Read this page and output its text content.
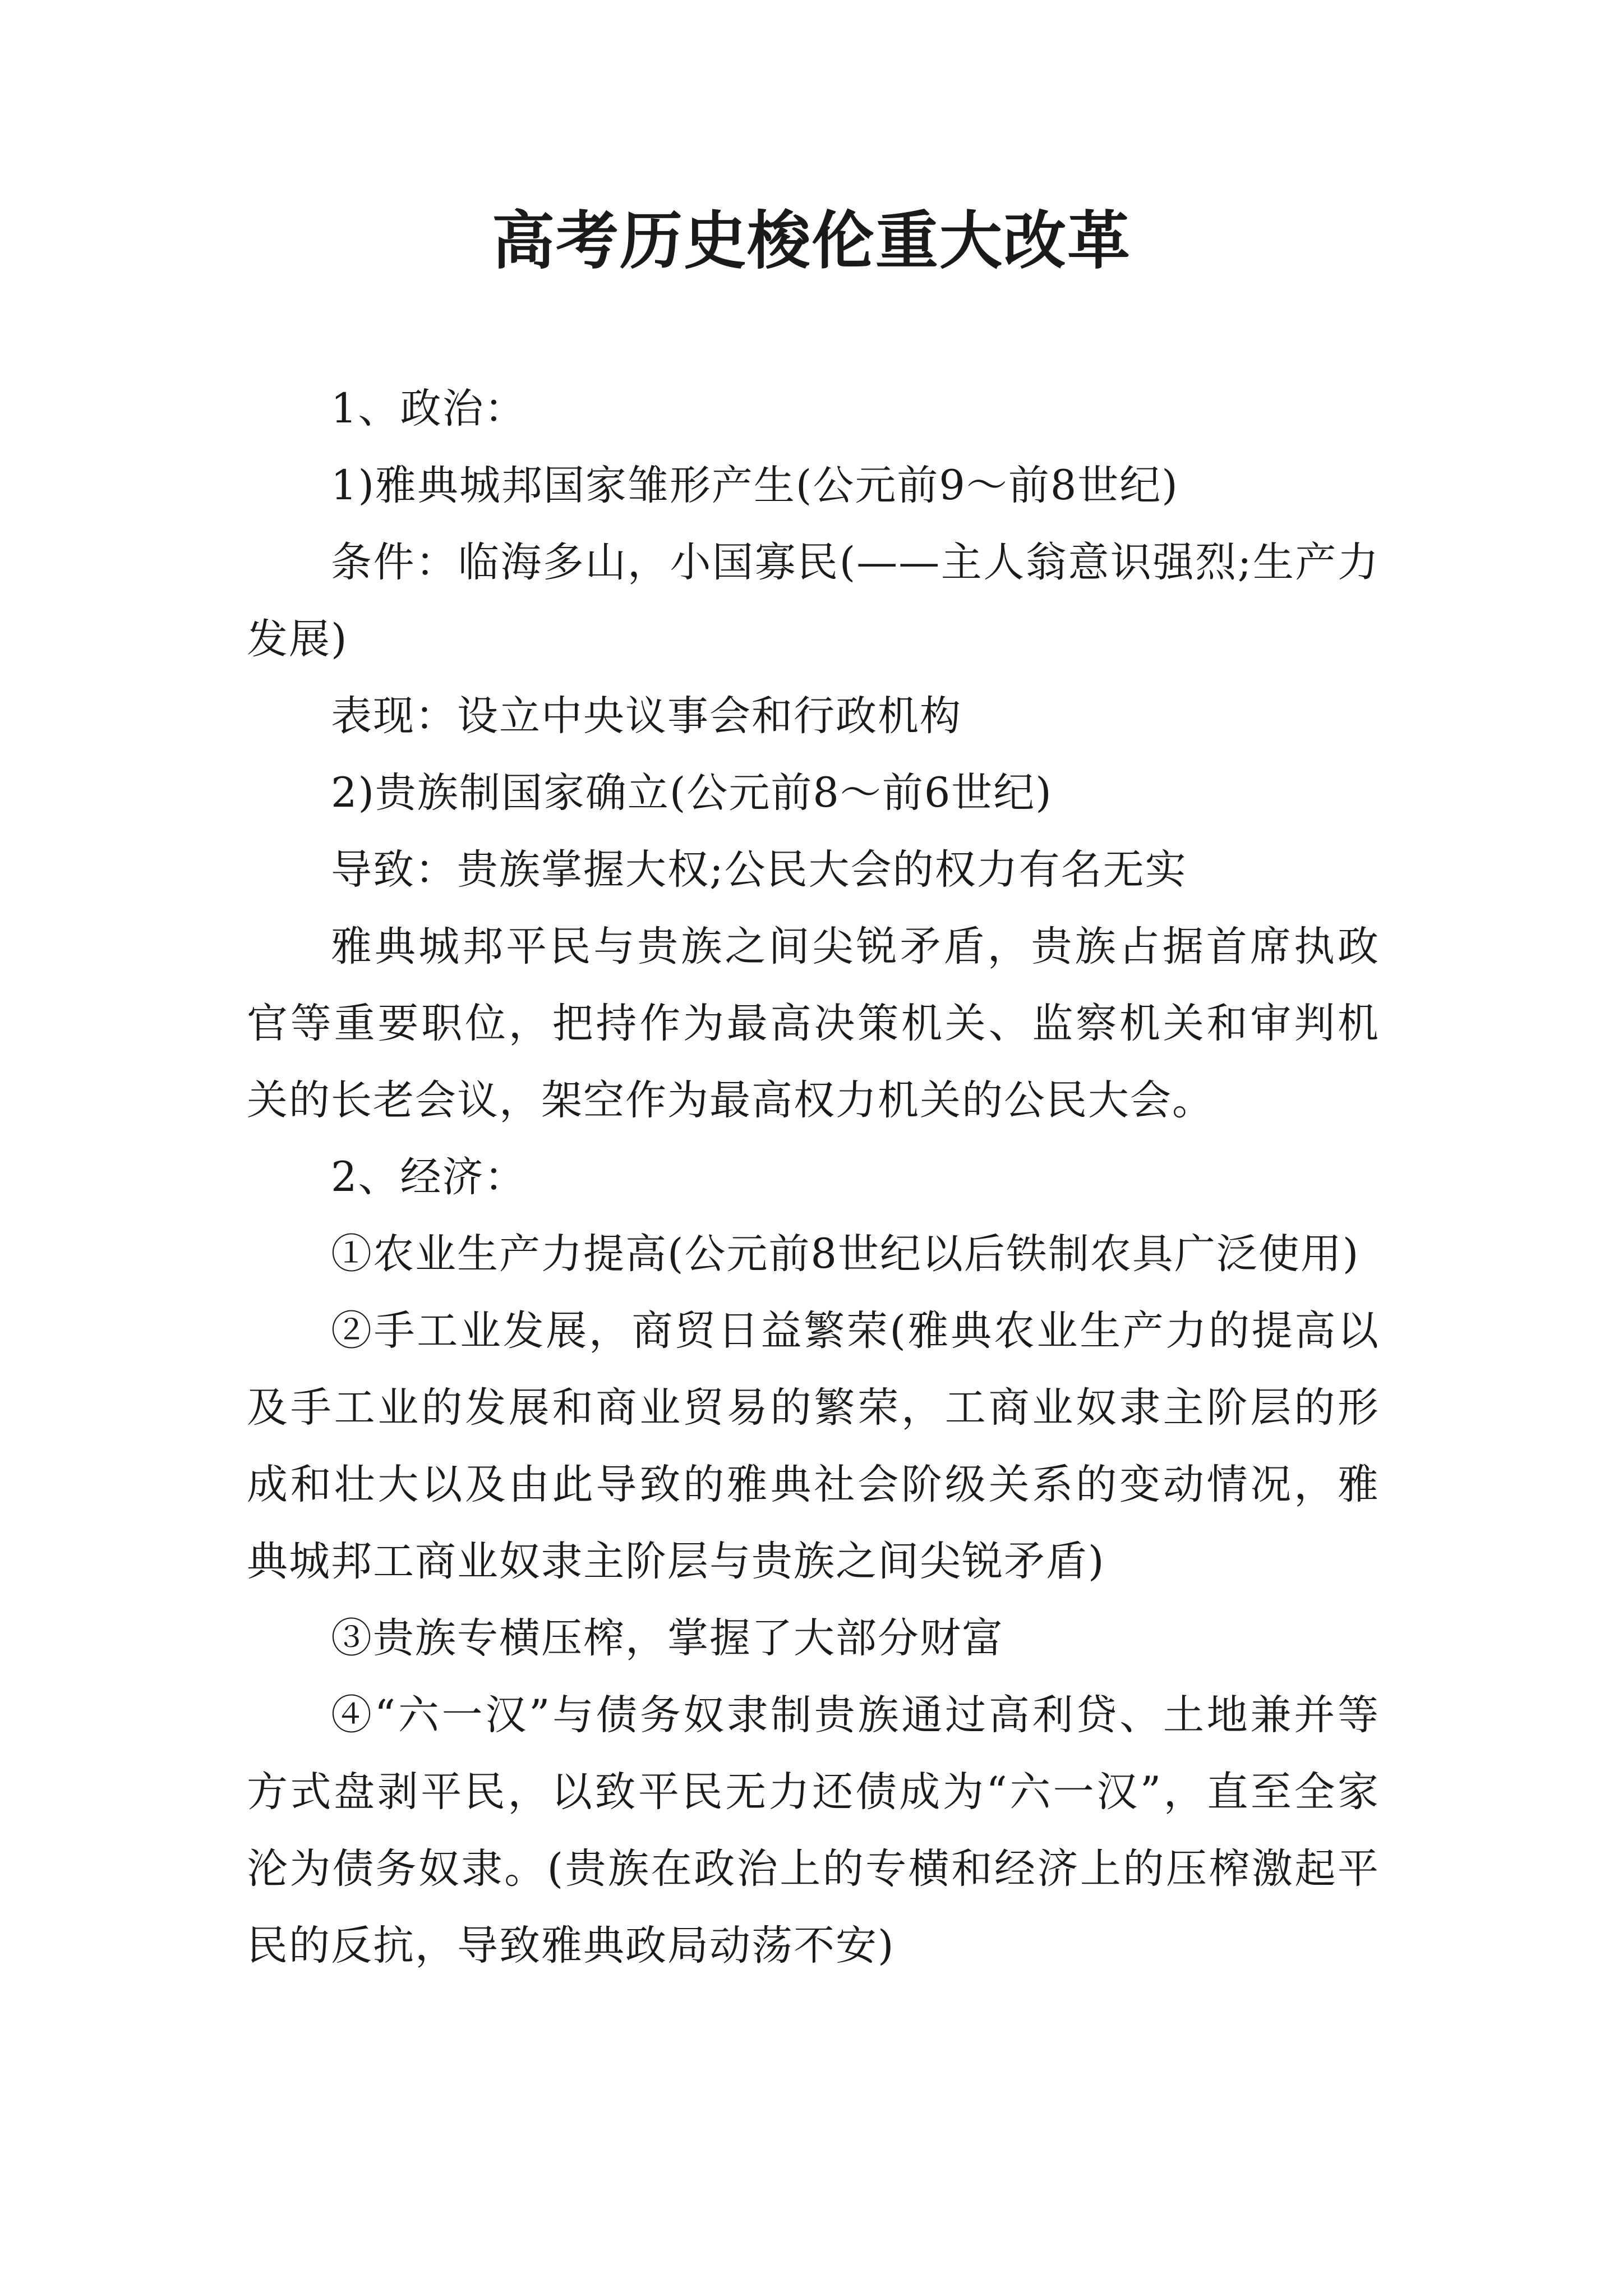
高考历史梭伦重大改革

1、政治：

1)雅典城邦国家雏形产生(公元前9～前8世纪)

条件：临海多山，小国寡民(——主人翁意识强烈;生产力发展)

表现：设立中央议事会和行政机构

2)贵族制国家确立(公元前8～前6世纪)

导致：贵族掌握大权;公民大会的权力有名无实

雅典城邦平民与贵族之间尖锐矛盾，贵族占据首席执政官等重要职位，把持作为最高决策机关、监察机关和审判机关的长老会议，架空作为最高权力机关的公民大会。

2、经济：

①农业生产力提高(公元前8世纪以后铁制农具广泛使用)

②手工业发展，商贸日益繁荣(雅典农业生产力的提高以及手工业的发展和商业贸易的繁荣，工商业奴隶主阶层的形成和壮大以及由此导致的雅典社会阶级关系的变动情况，雅典城邦工商业奴隶主阶层与贵族之间尖锐矛盾)

③贵族专横压榨，掌握了大部分财富

④“六一汉”与债务奴隶制贵族通过高利贷、土地兼并等方式盘剥平民，以致平民无力还债成为“六一汉”，直至全家沦为债务奴隶。(贵族在政治上的专横和经济上的压榨激起平民的反抗，导致雅典政局动荡不安)
